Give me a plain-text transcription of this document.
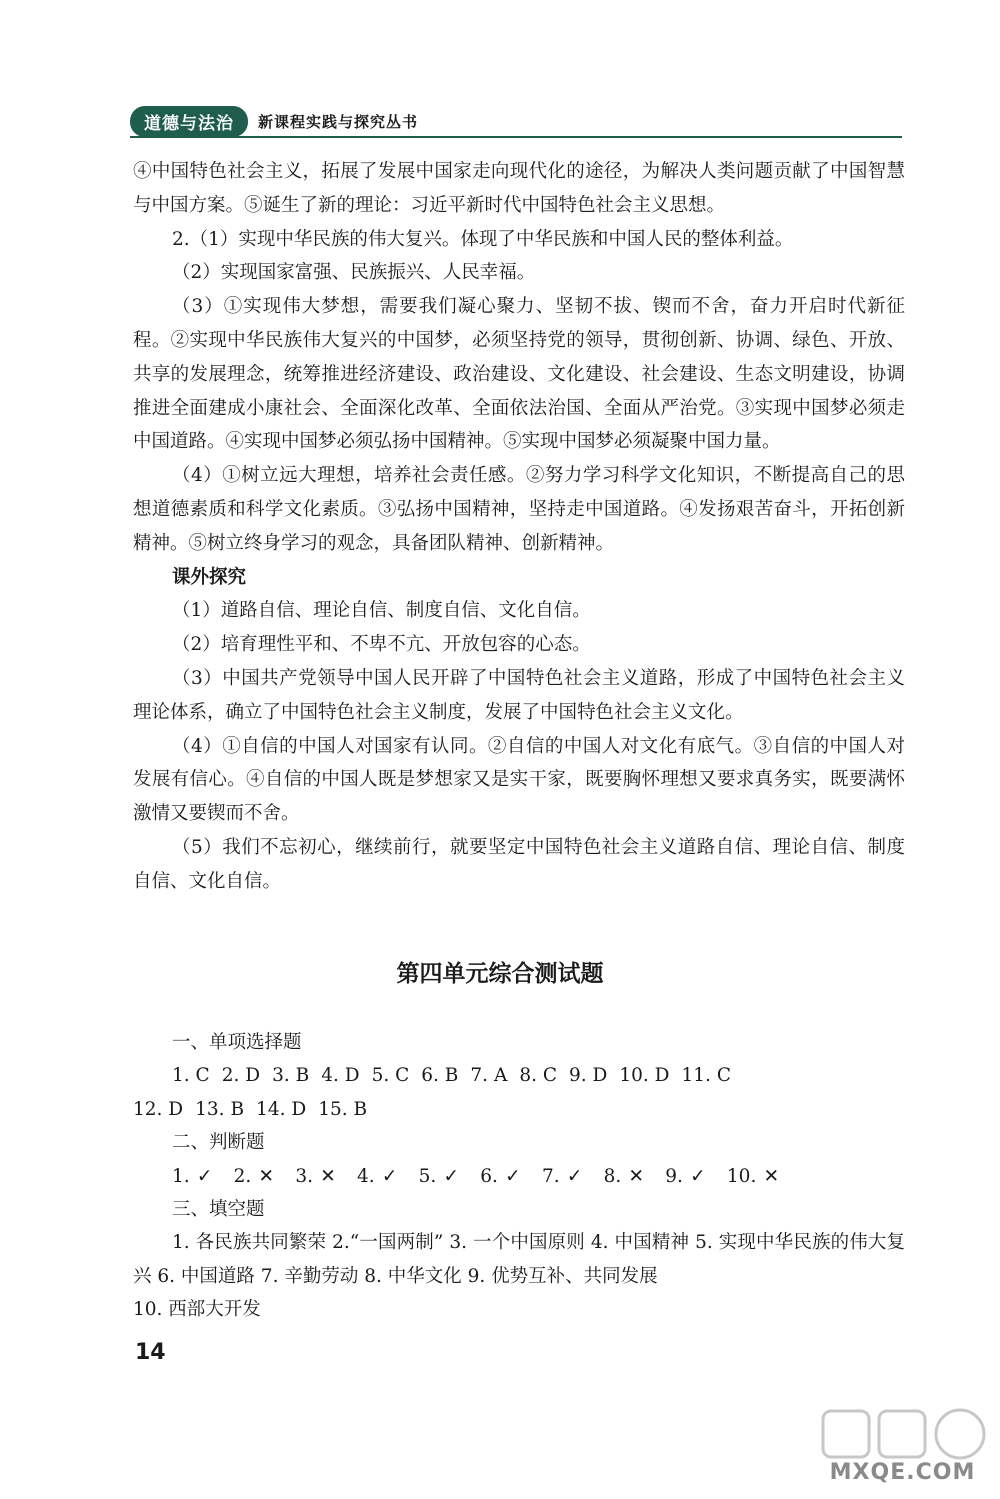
道德与法治	新课程实践与探究丛书

④中国特色社会主义，拓展了发展中国家走向现代化的途径，为解决人类问题贡献了中国智慧与中国方案。⑤诞生了新的理论：习近平新时代中国特色社会主义思想。

2.（1）实现中华民族的伟大复兴。体现了中华民族和中国人民的整体利益。

（2）实现国家富强、民族振兴、人民幸福。

（3）①实现伟大梦想，需要我们凝心聚力、坚韧不拔、锲而不舍，奋力开启时代新征程。②实现中华民族伟大复兴的中国梦，必须坚持党的领导，贯彻创新、协调、绿色、开放、共享的发展理念，统筹推进经济建设、政治建设、文化建设、社会建设、生态文明建设，协调推进全面建成小康社会、全面深化改革、全面依法治国、全面从严治党。③实现中国梦必须走中国道路。④实现中国梦必须弘扬中国精神。⑤实现中国梦必须凝聚中国力量。

（4）①树立远大理想，培养社会责任感。②努力学习科学文化知识，不断提高自己的思想道德素质和科学文化素质。③弘扬中国精神，坚持走中国道路。④发扬艰苦奋斗，开拓创新精神。⑤树立终身学习的观念，具备团队精神、创新精神。

课外探究

（1）道路自信、理论自信、制度自信、文化自信。

（2）培育理性平和、不卑不亢、开放包容的心态。

（3）中国共产党领导中国人民开辟了中国特色社会主义道路，形成了中国特色社会主义理论体系，确立了中国特色社会主义制度，发展了中国特色社会主义文化。

（4）①自信的中国人对国家有认同。②自信的中国人对文化有底气。③自信的中国人对发展有信心。④自信的中国人既是梦想家又是实干家，既要胸怀理想又要求真务实，既要满怀激情又要锲而不舍。

（5）我们不忘初心，继续前行，就要坚定中国特色社会主义道路自信、理论自信、制度自信、文化自信。

第四单元综合测试题

一、单项选择题

1. C 2. D 3. B 4. D 5. C 6. B 7. A 8. C 9. D 10. D 11. C
12. D 13. B 14. D 15. B

二、判断题

1. ✓ 2. ✕ 3. ✕ 4. ✓ 5. ✓ 6. ✓ 7. ✓ 8. ✕ 9. ✓ 10. ✕

三、填空题

1. 各民族共同繁荣 2.“一国两制” 3. 一个中国原则 4. 中国精神 5. 实现中华民族的伟大复兴 6. 中国道路 7. 辛勤劳动 8. 中华文化 9. 优势互补、共同发展

10. 西部大开发

14
MXQE.COM
